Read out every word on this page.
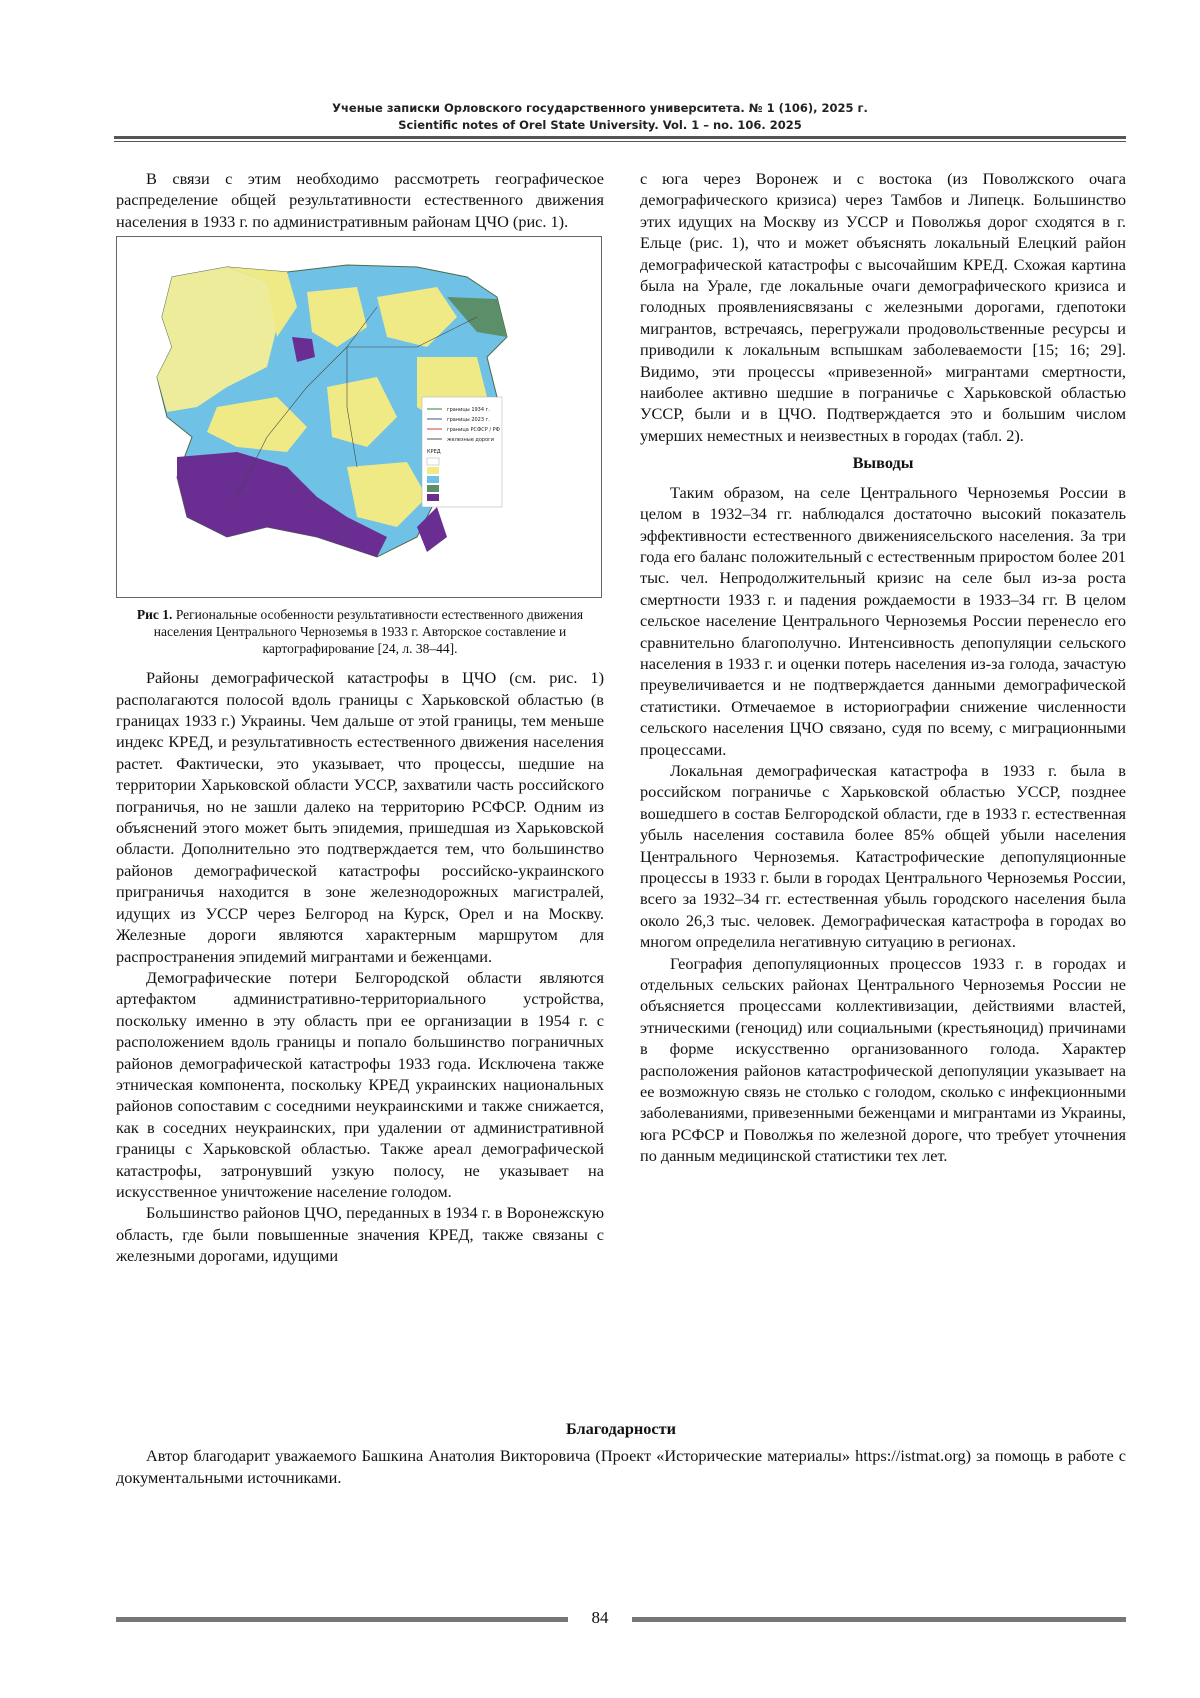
Ученые записки Орловского государственного университета. № 1 (106), 2025 г.
Scientific notes of Orel State University. Vol. 1 – no. 106. 2025

В связи с этим необходимо рассмотреть географическое распределение общей результативности естественного движения населения в 1933 г. по административным районам ЦЧО (рис. 1).

границы 1934 г.
границы 2023 г.
граница РСФСР / РФ
железные дороги
КРЕД
Рис 1. Региональные особенности результативности естественного движения населения Центрального Черноземья в 1933 г. Авторское составление и картографирование [24, л. 38–44].

Районы демографической катастрофы в ЦЧО (см. рис. 1) располагаются полосой вдоль границы с Харьковской областью (в границах 1933 г.) Украины. Чем дальше от этой границы, тем меньше индекс КРЕД, и результативность естественного движения населения растет. Фактически, это указывает, что процессы, шедшие на территории Харьковской области УССР, захватили часть российского пограничья, но не зашли далеко на территорию РСФСР. Одним из объяснений этого может быть эпидемия, пришедшая из Харьковской области. Дополнительно это подтверждается тем, что большинство районов демографической катастрофы российско-украинского приграничья находится в зоне железнодорожных магистралей, идущих из УССР через Белгород на Курск, Орел и на Москву. Железные дороги являются характерным маршрутом для распространения эпидемий мигрантами и беженцами.

Демографические потери Белгородской области являются артефактом административно-территориального устройства, поскольку именно в эту область при ее организации в 1954 г. с расположением вдоль границы и попало большинство пограничных районов демографической катастрофы 1933 года. Исключена также этническая компонента, поскольку КРЕД украинских национальных районов сопоставим с соседними неукраинскими и также снижается, как в соседних неукраинских, при удалении от административной границы с Харьковской областью. Также ареал демографической катастрофы, затронувший узкую полосу, не указывает на искусственное уничтожение население голодом.

Большинство районов ЦЧО, переданных в 1934 г. в Воронежскую область, где были повышенные значения КРЕД, также связаны с железными дорогами, идущими

с юга через Воронеж и с востока (из Поволжского очага демографического кризиса) через Тамбов и Липецк. Большинство этих идущих на Москву из УССР и Поволжья дорог сходятся в г. Ельце (рис. 1), что и может объяснять локальный Елецкий район демографической катастрофы с высочайшим КРЕД. Схожая картина была на Урале, где локальные очаги демографического кризиса и голодных проявлениясвязаны с железными дорогами, гдепотоки мигрантов, встречаясь, перегружали продовольственные ресурсы и приводили к локальным вспышкам заболеваемости [15; 16; 29]. Видимо, эти процессы «привезенной» мигрантами смертности, наиболее активно шедшие в пограничье с Харьковской областью УССР, были и в ЦЧО. Подтверждается это и большим числом умерших неместных и неизвестных в городах (табл. 2).

Выводы

Таким образом, на селе Центрального Черноземья России в целом в 1932–34 гг. наблюдался достаточно высокий показатель эффективности естественного движениясельского населения. За три года его баланс положительный с естественным приростом более 201 тыс. чел. Непродолжительный кризис на селе был из-за роста смертности 1933 г. и падения рождаемости в 1933–34 гг. В целом сельское население Центрального Черноземья России перенесло его сравнительно благополучно. Интенсивность депопуляции сельского населения в 1933 г. и оценки потерь населения из-за голода, зачастую преувеличивается и не подтверждается данными демографической статистики. Отмечаемое в историографии снижение численности сельского населения ЦЧО связано, судя по всему, с миграционными процессами.

Локальная демографическая катастрофа в 1933 г. была в российском пограничье с Харьковской областью УССР, позднее вошедшего в состав Белгородской области, где в 1933 г. естественная убыль населения составила более 85% общей убыли населения Центрального Черноземья. Катастрофические депопуляционные процессы в 1933 г. были в городах Центрального Черноземья России, всего за 1932–34 гг. естественная убыль городского населения была около 26,3 тыс. человек. Демографическая катастрофа в городах во многом определила негативную ситуацию в регионах.

География депопуляционных процессов 1933 г. в городах и отдельных сельских районах Центрального Черноземья России не объясняется процессами коллективизации, действиями властей, этническими (геноцид) или социальными (крестьяноцид) причинами в форме искусственно организованного голода. Характер расположения районов катастрофической депопуляции указывает на ее возможную связь не столько с голодом, сколько с инфекционными заболеваниями, привезенными беженцами и мигрантами из Украины, юга РСФСР и Поволжья по железной дороге, что требует уточнения по данным медицинской статистики тех лет.

Благодарности

Автор благодарит уважаемого Башкина Анатолия Викторовича (Проект «Исторические материалы» https://istmat.org) за помощь в работе с документальными источниками.

84
